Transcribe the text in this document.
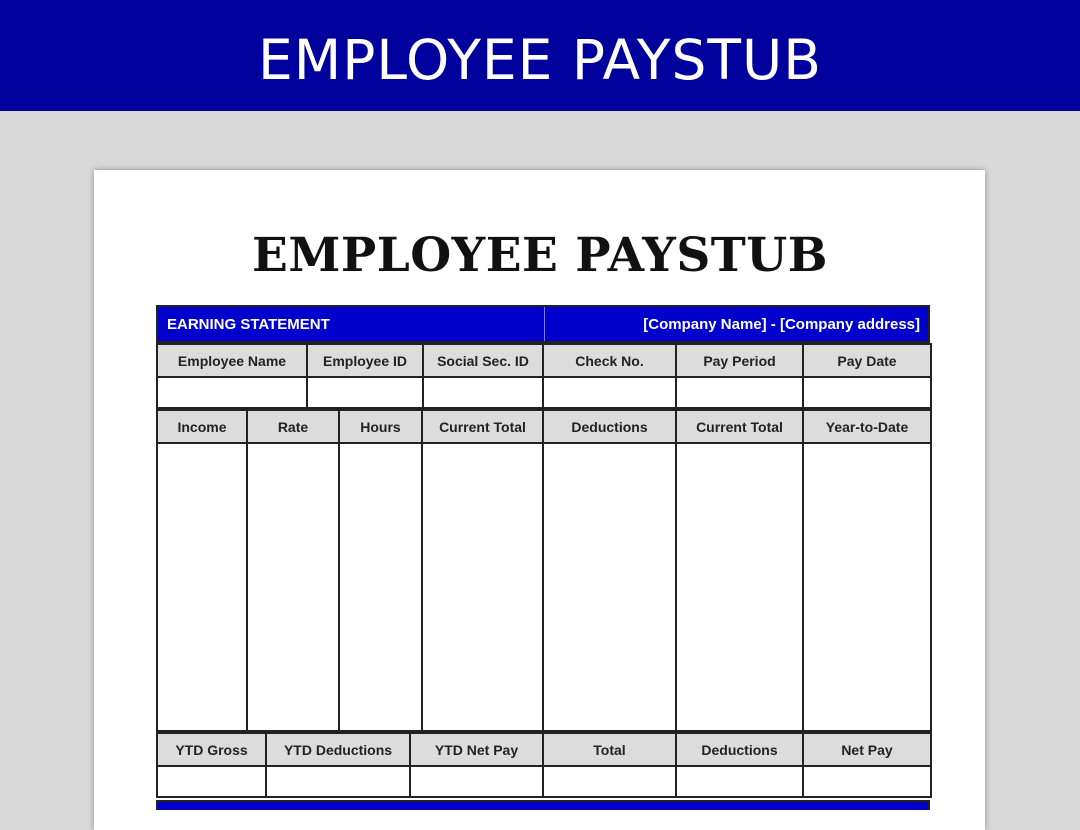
EMPLOYEE PAYSTUB
EMPLOYEE PAYSTUB
EARNING STATEMENT	[Company Name] - [Company address]
Employee Name	Employee ID	Social Sec. ID	Check No.	Pay Period	Pay Date

Income	Rate	Hours	Current Total	Deductions	Current Total	Year-to-Date

YTD Gross	YTD Deductions	YTD Net Pay	Total	Deductions	Net Pay
